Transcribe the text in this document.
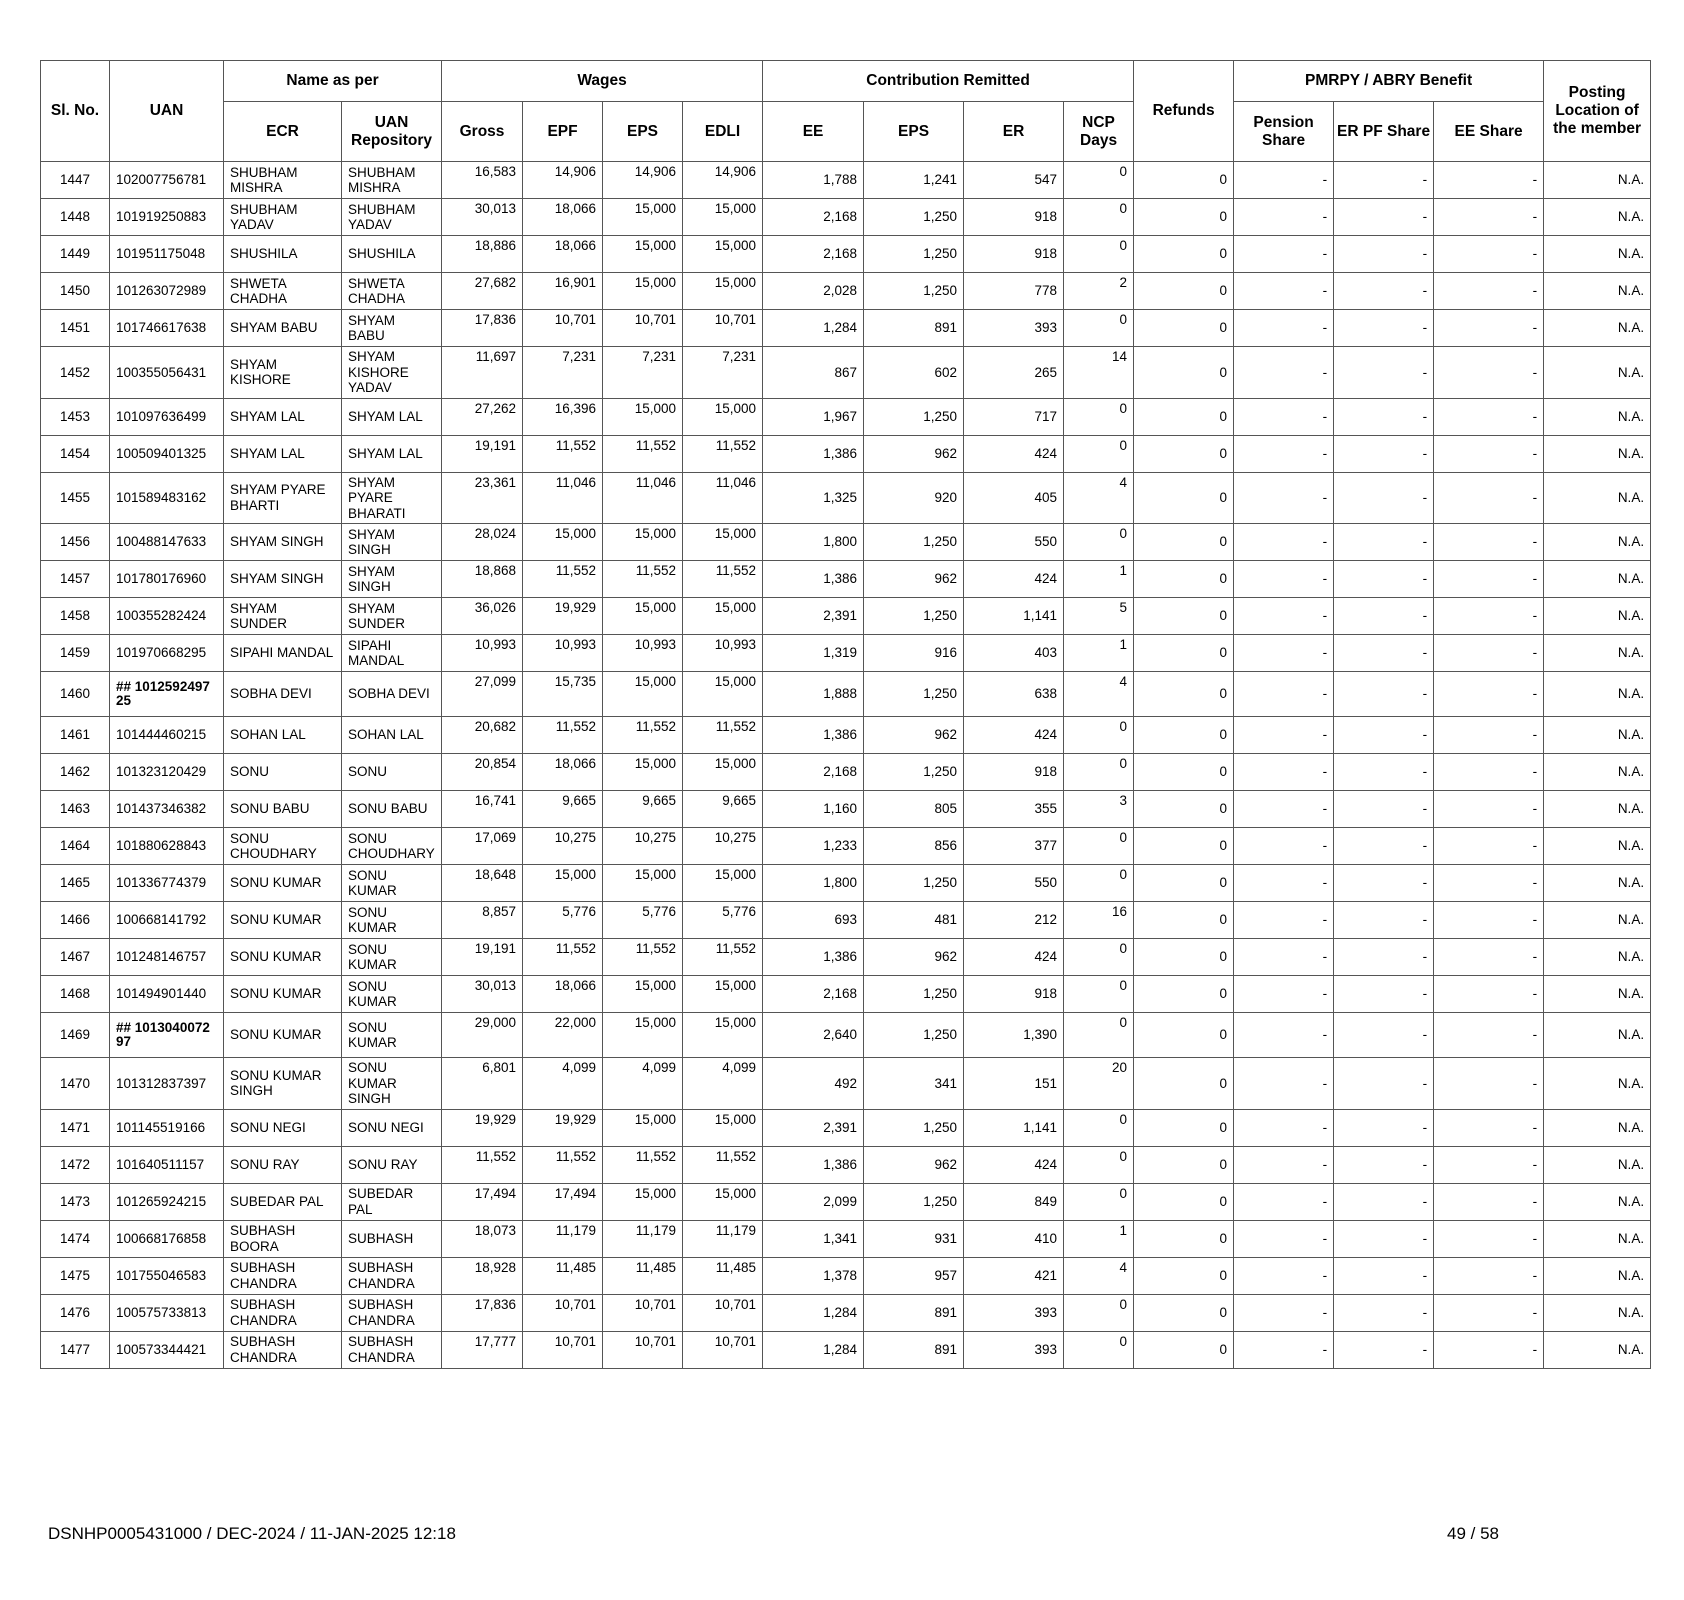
Sl. No.	UAN	Name as per		Wages				Contribution Remitted				Refunds	PMRPY / ABRY Benefit			Posting Location of the member
		ECR	UAN Repository	Gross	EPF	EPS	EDLI	EE	EPS	ER	NCP Days		Pension Share	ER PF Share	EE Share	
1447	102007756781	SHUBHAM MISHRA	SHUBHAM MISHRA	16,583	14,906	14,906	14,906	1,788	1,241	547	0	0	-	-	-	N.A.
1448	101919250883	SHUBHAM YADAV	SHUBHAM YADAV	30,013	18,066	15,000	15,000	2,168	1,250	918	0	0	-	-	-	N.A.
1449	101951175048	SHUSHILA	SHUSHILA	18,886	18,066	15,000	15,000	2,168	1,250	918	0	0	-	-	-	N.A.
1450	101263072989	SHWETA CHADHA	SHWETA CHADHA	27,682	16,901	15,000	15,000	2,028	1,250	778	2	0	-	-	-	N.A.
1451	101746617638	SHYAM BABU	SHYAM BABU	17,836	10,701	10,701	10,701	1,284	891	393	0	0	-	-	-	N.A.
1452	100355056431	SHYAM KISHORE	SHYAM KISHORE YADAV	11,697	7,231	7,231	7,231	867	602	265	14	0	-	-	-	N.A.
1453	101097636499	SHYAM LAL	SHYAM LAL	27,262	16,396	15,000	15,000	1,967	1,250	717	0	0	-	-	-	N.A.
1454	100509401325	SHYAM LAL	SHYAM LAL	19,191	11,552	11,552	11,552	1,386	962	424	0	0	-	-	-	N.A.
1455	101589483162	SHYAM PYARE BHARTI	SHYAM PYARE BHARATI	23,361	11,046	11,046	11,046	1,325	920	405	4	0	-	-	-	N.A.
1456	100488147633	SHYAM SINGH	SHYAM SINGH	28,024	15,000	15,000	15,000	1,800	1,250	550	0	0	-	-	-	N.A.
1457	101780176960	SHYAM SINGH	SHYAM SINGH	18,868	11,552	11,552	11,552	1,386	962	424	1	0	-	-	-	N.A.
1458	100355282424	SHYAM SUNDER	SHYAM SUNDER	36,026	19,929	15,000	15,000	2,391	1,250	1,141	5	0	-	-	-	N.A.
1459	101970668295	SIPAHI MANDAL	SIPAHI MANDAL	10,993	10,993	10,993	10,993	1,319	916	403	1	0	-	-	-	N.A.
1460	## 101259249725	SOBHA DEVI	SOBHA DEVI	27,099	15,735	15,000	15,000	1,888	1,250	638	4	0	-	-	-	N.A.
1461	101444460215	SOHAN LAL	SOHAN LAL	20,682	11,552	11,552	11,552	1,386	962	424	0	0	-	-	-	N.A.
1462	101323120429	SONU	SONU	20,854	18,066	15,000	15,000	2,168	1,250	918	0	0	-	-	-	N.A.
1463	101437346382	SONU BABU	SONU BABU	16,741	9,665	9,665	9,665	1,160	805	355	3	0	-	-	-	N.A.
1464	101880628843	SONU CHOUDHARY	SONU CHOUDHARY	17,069	10,275	10,275	10,275	1,233	856	377	0	0	-	-	-	N.A.
1465	101336774379	SONU KUMAR	SONU KUMAR	18,648	15,000	15,000	15,000	1,800	1,250	550	0	0	-	-	-	N.A.
1466	100668141792	SONU KUMAR	SONU KUMAR	8,857	5,776	5,776	5,776	693	481	212	16	0	-	-	-	N.A.
1467	101248146757	SONU KUMAR	SONU KUMAR	19,191	11,552	11,552	11,552	1,386	962	424	0	0	-	-	-	N.A.
1468	101494901440	SONU KUMAR	SONU KUMAR	30,013	18,066	15,000	15,000	2,168	1,250	918	0	0	-	-	-	N.A.
1469	## 101304007297	SONU KUMAR	SONU KUMAR	29,000	22,000	15,000	15,000	2,640	1,250	1,390	0	0	-	-	-	N.A.
1470	101312837397	SONU KUMAR SINGH	SONU KUMAR SINGH	6,801	4,099	4,099	4,099	492	341	151	20	0	-	-	-	N.A.
1471	101145519166	SONU NEGI	SONU NEGI	19,929	19,929	15,000	15,000	2,391	1,250	1,141	0	0	-	-	-	N.A.
1472	101640511157	SONU RAY	SONU RAY	11,552	11,552	11,552	11,552	1,386	962	424	0	0	-	-	-	N.A.
1473	101265924215	SUBEDAR PAL	SUBEDAR PAL	17,494	17,494	15,000	15,000	2,099	1,250	849	0	0	-	-	-	N.A.
1474	100668176858	SUBHASH BOORA	SUBHASH	18,073	11,179	11,179	11,179	1,341	931	410	1	0	-	-	-	N.A.
1475	101755046583	SUBHASH CHANDRA	SUBHASH CHANDRA	18,928	11,485	11,485	11,485	1,378	957	421	4	0	-	-	-	N.A.
1476	100575733813	SUBHASH CHANDRA	SUBHASH CHANDRA	17,836	10,701	10,701	10,701	1,284	891	393	0	0	-	-	-	N.A.
1477	100573344421	SUBHASH CHANDRA	SUBHASH CHANDRA	17,777	10,701	10,701	10,701	1,284	891	393	0	0	-	-	-	N.A.
DSNHP0005431000 / DEC-2024 / 11-JAN-2025 12:18	49 / 58
